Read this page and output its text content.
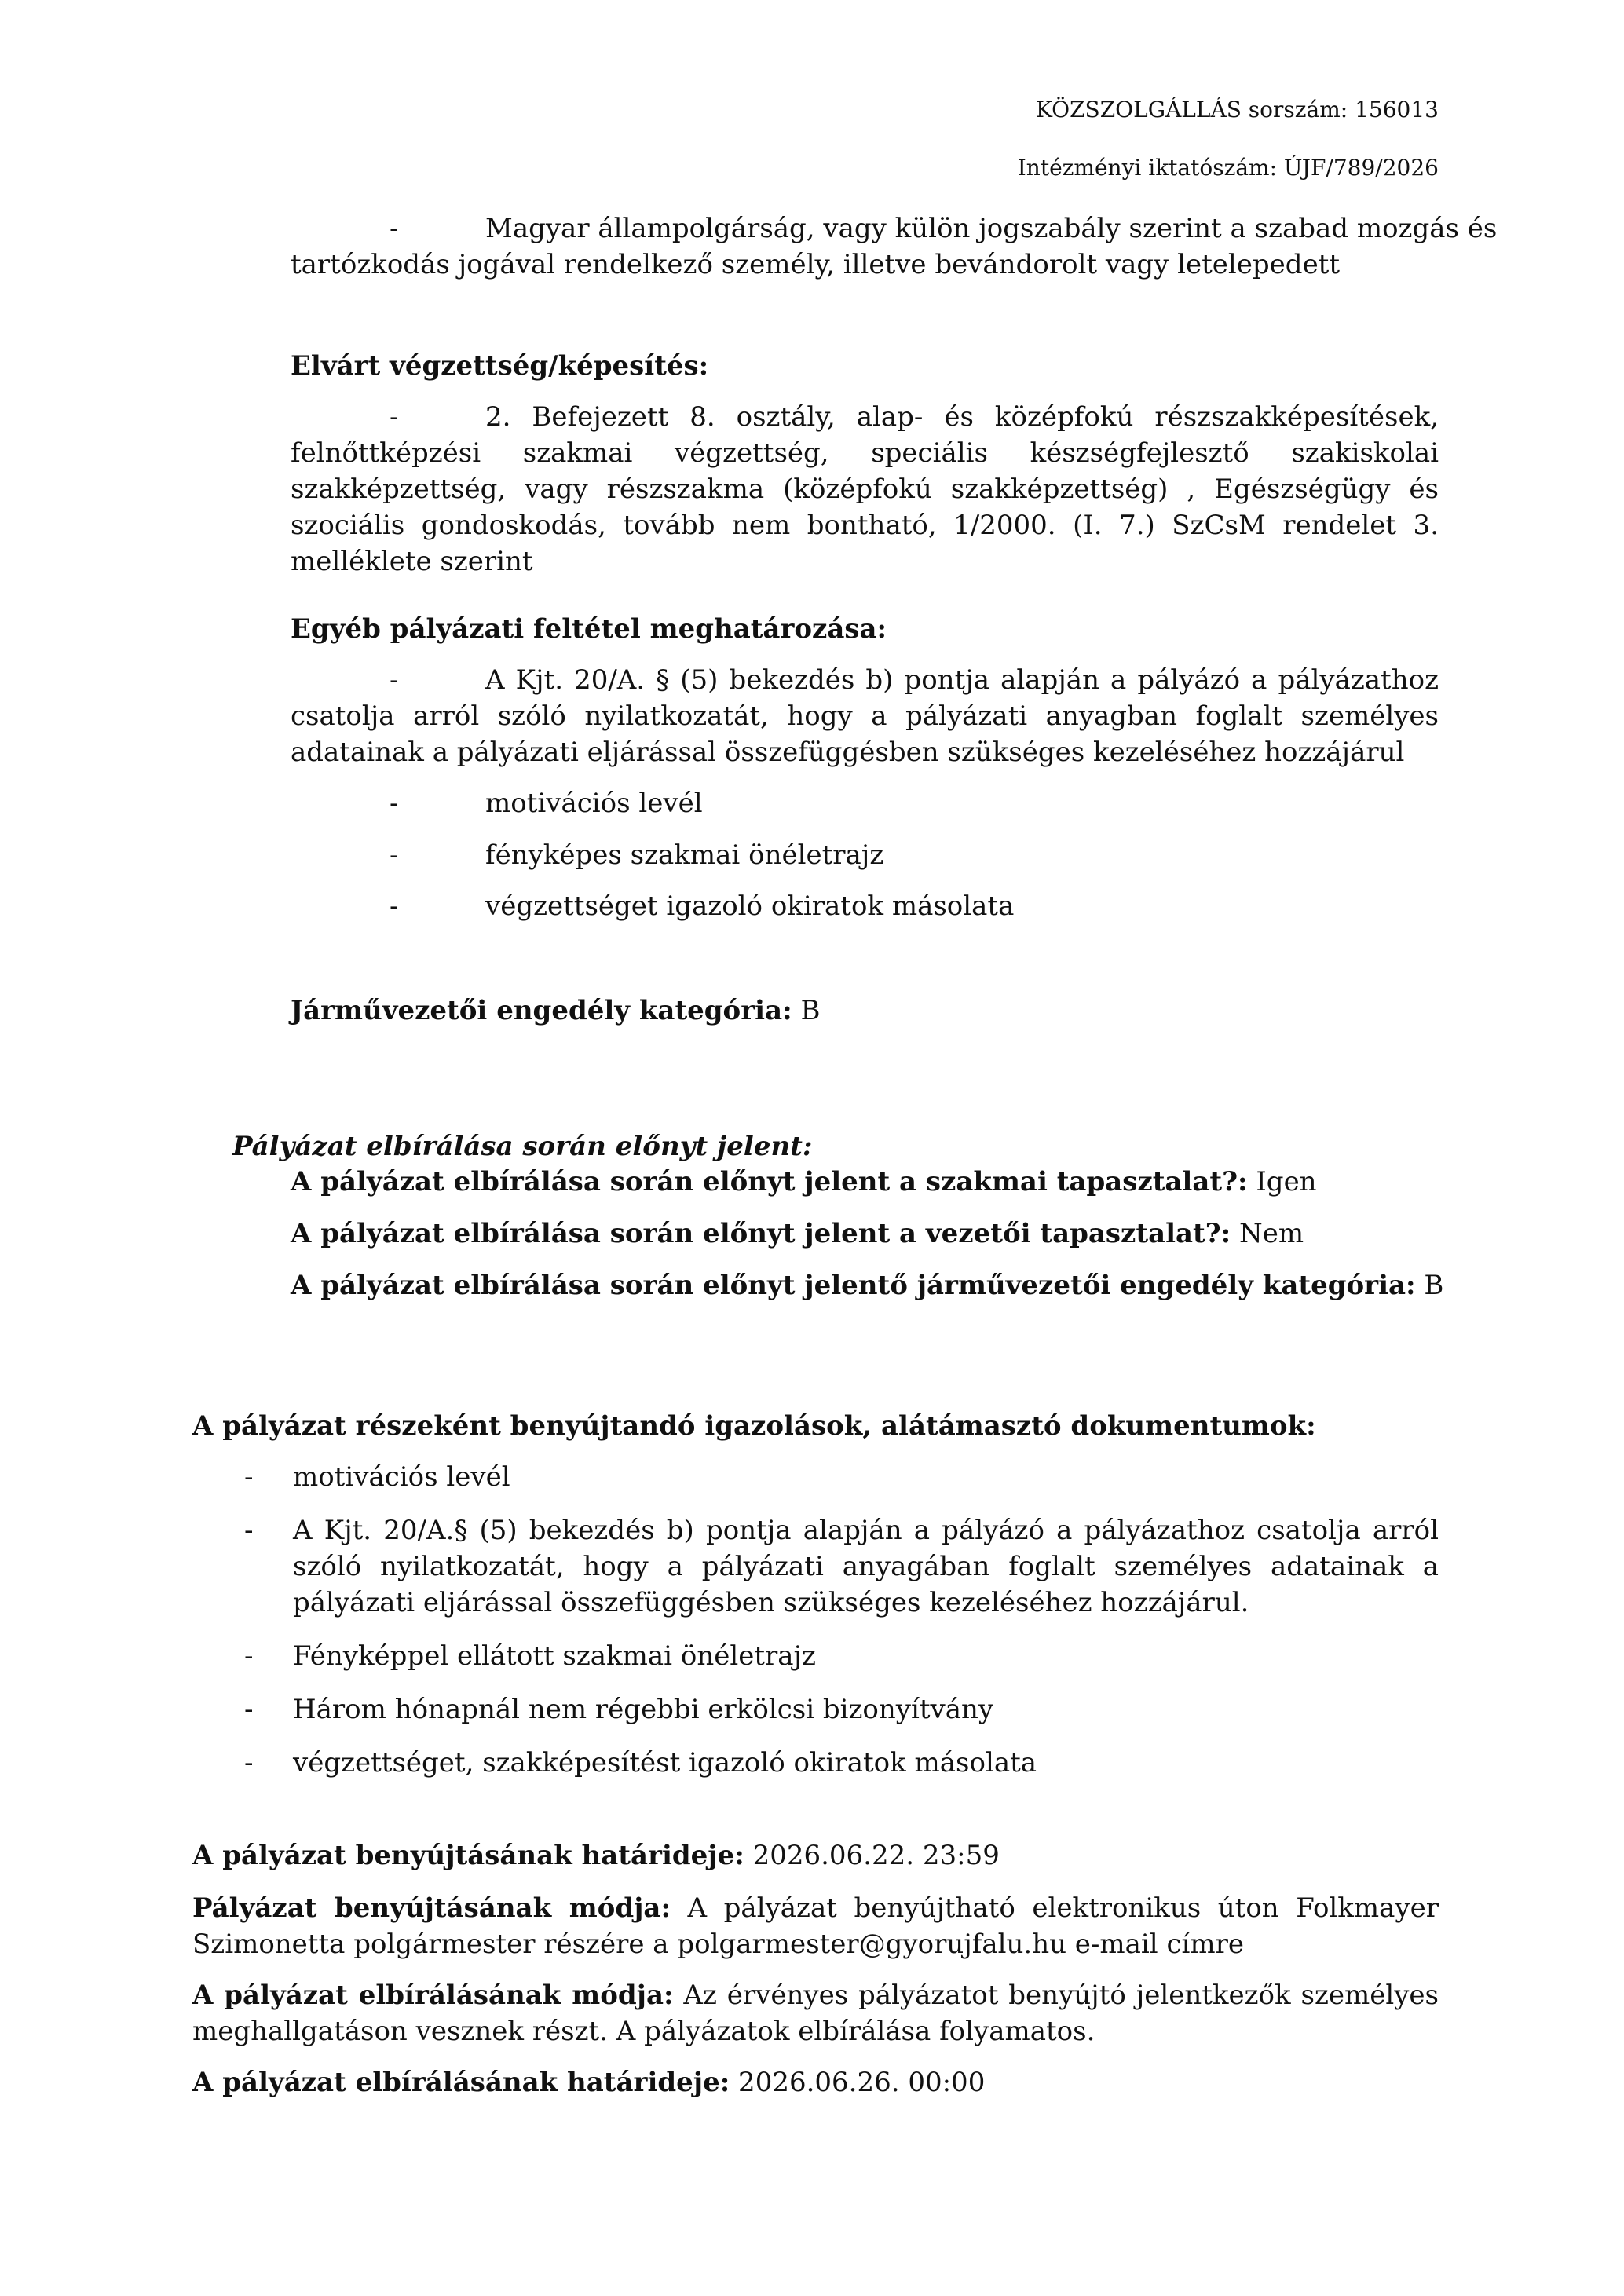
KÖZSZOLGÁLLÁS sorszám: 156013
Intézményi iktatószám: ÚJF/789/2026
-	Magyar állampolgárság, vagy külön jogszabály szerint a szabad mozgás és
tartózkodás jogával rendelkező személy, illetve bevándorolt vagy letelepedett
Elvárt végzettség/képesítés:
-	2. Befejezett 8. osztály, alap- és középfokú részszakképesítések,
felnőttképzési szakmai végzettség, speciális készségfejlesztő szakiskolai szakképzettség, vagy részszakma (középfokú szakképzettség) , Egészségügy és szociális gondoskodás, tovább nem bontható, 1/2000. (I. 7.) SzCsM rendelet 3. melléklete szerint
Egyéb pályázati feltétel meghatározása:
-	A Kjt. 20/A. § (5) bekezdés b) pontja alapján a pályázó a pályázathoz
csatolja arról szóló nyilatkozatát, hogy a pályázati anyagban foglalt személyes adatainak a pályázati eljárással összefüggésben szükséges kezeléséhez hozzájárul
-	motivációs levél
-	fényképes szakmai önéletrajz
-	végzettséget igazoló okiratok másolata
Járművezetői engedély kategória: B
Pályázat elbírálása során előnyt jelent:
A pályázat elbírálása során előnyt jelent a szakmai tapasztalat?: Igen
A pályázat elbírálása során előnyt jelent a vezetői tapasztalat?: Nem
A pályázat elbírálása során előnyt jelentő járművezetői engedély kategória: B
A pályázat részeként benyújtandó igazolások, alátámasztó dokumentumok:
- motivációs levél
- A Kjt. 20/A.§ (5) bekezdés b) pontja alapján a pályázó a pályázathoz csatolja arról szóló nyilatkozatát, hogy a pályázati anyagában foglalt személyes adatainak a pályázati eljárással összefüggésben szükséges kezeléséhez hozzájárul.
- Fényképpel ellátott szakmai önéletrajz
- Három hónapnál nem régebbi erkölcsi bizonyítvány
- végzettséget, szakképesítést igazoló okiratok másolata
A pályázat benyújtásának határideje: 2026.06.22. 23:59
Pályázat benyújtásának módja: A pályázat benyújtható elektronikus úton Folkmayer Szimonetta polgármester részére a polgarmester@gyorujfalu.hu e-mail címre
A pályázat elbírálásának módja: Az érvényes pályázatot benyújtó jelentkezők személyes meghallgatáson vesznek részt. A pályázatok elbírálása folyamatos.
A pályázat elbírálásának határideje: 2026.06.26. 00:00
